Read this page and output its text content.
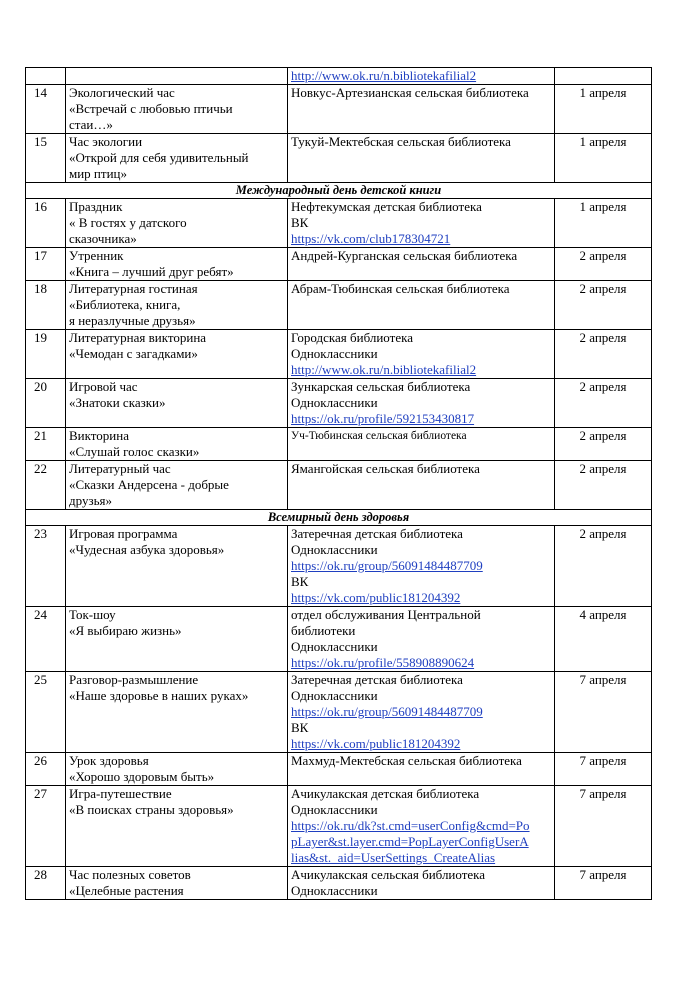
		http://www.ok.ru/n.bibliotekafilial2	

14	Экологический час
«Встречай с любовью птичьи
стаи…»	Новкус-Артезианская сельская библиотека	1 апреля
15	Час экологии
«Открой для себя удивительный
мир птиц»	Тукуй-Мектебская сельская библиотека	1 апреля
Международный день детской книги			
16	Праздник
« В гостях у датского
сказочника»	Нефтекумская детская библиотека
ВК
https://vk.com/club178304721	1 апреля
17	Утренник
«Книга – лучший друг ребят»	Андрей-Курганская сельская библиотека	2 апреля
18	Литературная гостиная
«Библиотека, книга,
я неразлучные друзья»	Абрам-Тюбинская сельская библиотека	2 апреля
19	Литературная викторина
«Чемодан с загадками»	Городская библиотека
Одноклассники
http://www.ok.ru/n.bibliotekafilial2	2 апреля
20	Игровой час
«Знатоки сказки»	Зункарская сельская библиотека
Одноклассники
https://ok.ru/profile/592153430817	2 апреля
21	Викторина
«Слушай голос сказки»	Уч-Тюбинская сельская библиотека	2 апреля
22	Литературный час
«Сказки Андерсена - добрые
друзья»	Ямангойская сельская библиотека	2 апреля
Всемирный день здоровья			
23	Игровая программа
«Чудесная азбука здоровья»	Затеречная детская библиотека
Одноклассники
https://ok.ru/group/56091484487709
ВК
https://vk.com/public181204392	2 апреля
24	Ток-шоу
«Я выбираю жизнь»	отдел обслуживания Центральной
библиотеки
Одноклассники
https://ok.ru/profile/558908890624	4 апреля
25	Разговор-размышление
«Наше здоровье в наших руках»	Затеречная детская библиотека
Одноклассники
https://ok.ru/group/56091484487709
ВК
https://vk.com/public181204392	7 апреля
26	Урок здоровья
«Хорошо здоровым быть»	Махмуд-Мектебская сельская библиотека	7 апреля
27	Игра-путешествие
«В поисках страны здоровья»	Ачикулакская детская библиотека
Одноклассники
https://ok.ru/dk?st.cmd=userConfig&cmd=Po
pLayer&st.layer.cmd=PopLayerConfigUserA
lias&st._aid=UserSettings_CreateAlias	7 апреля
28	Час полезных советов
«Целебные растения	Ачикулакская сельская библиотека
Одноклассники	7 апреля
